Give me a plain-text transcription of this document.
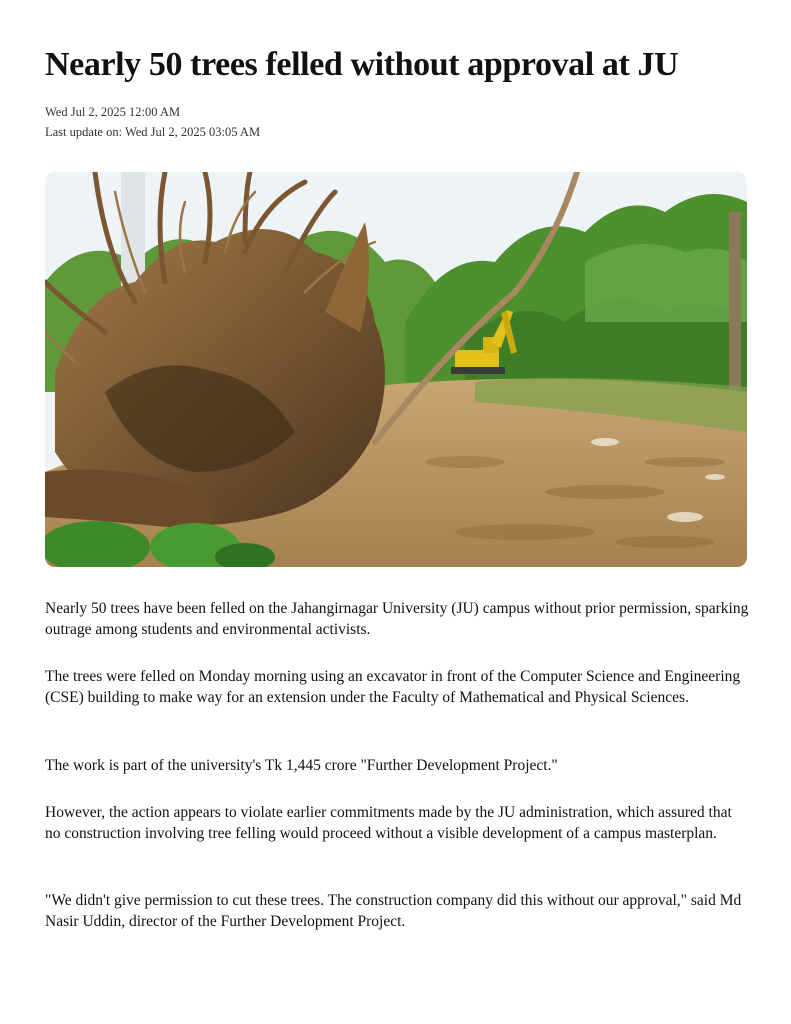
Nearly 50 trees felled without approval at JU
Wed Jul 2, 2025 12:00 AM
Last update on: Wed Jul 2, 2025 03:05 AM

Nearly 50 trees have been felled on the Jahangirnagar University (JU) campus without prior permission, sparking outrage among students and environmental activists.

The trees were felled on Monday morning using an excavator in front of the Computer Science and Engineering (CSE) building to make way for an extension under the Faculty of Mathematical and Physical Sciences.

The work is part of the university's Tk 1,445 crore "Further Development Project."

However, the action appears to violate earlier commitments made by the JU administration, which assured that no construction involving tree felling would proceed without a visible development of a campus masterplan.

"We didn't give permission to cut these trees. The construction company did this without our approval," said Md Nasir Uddin, director of the Further Development Project.
